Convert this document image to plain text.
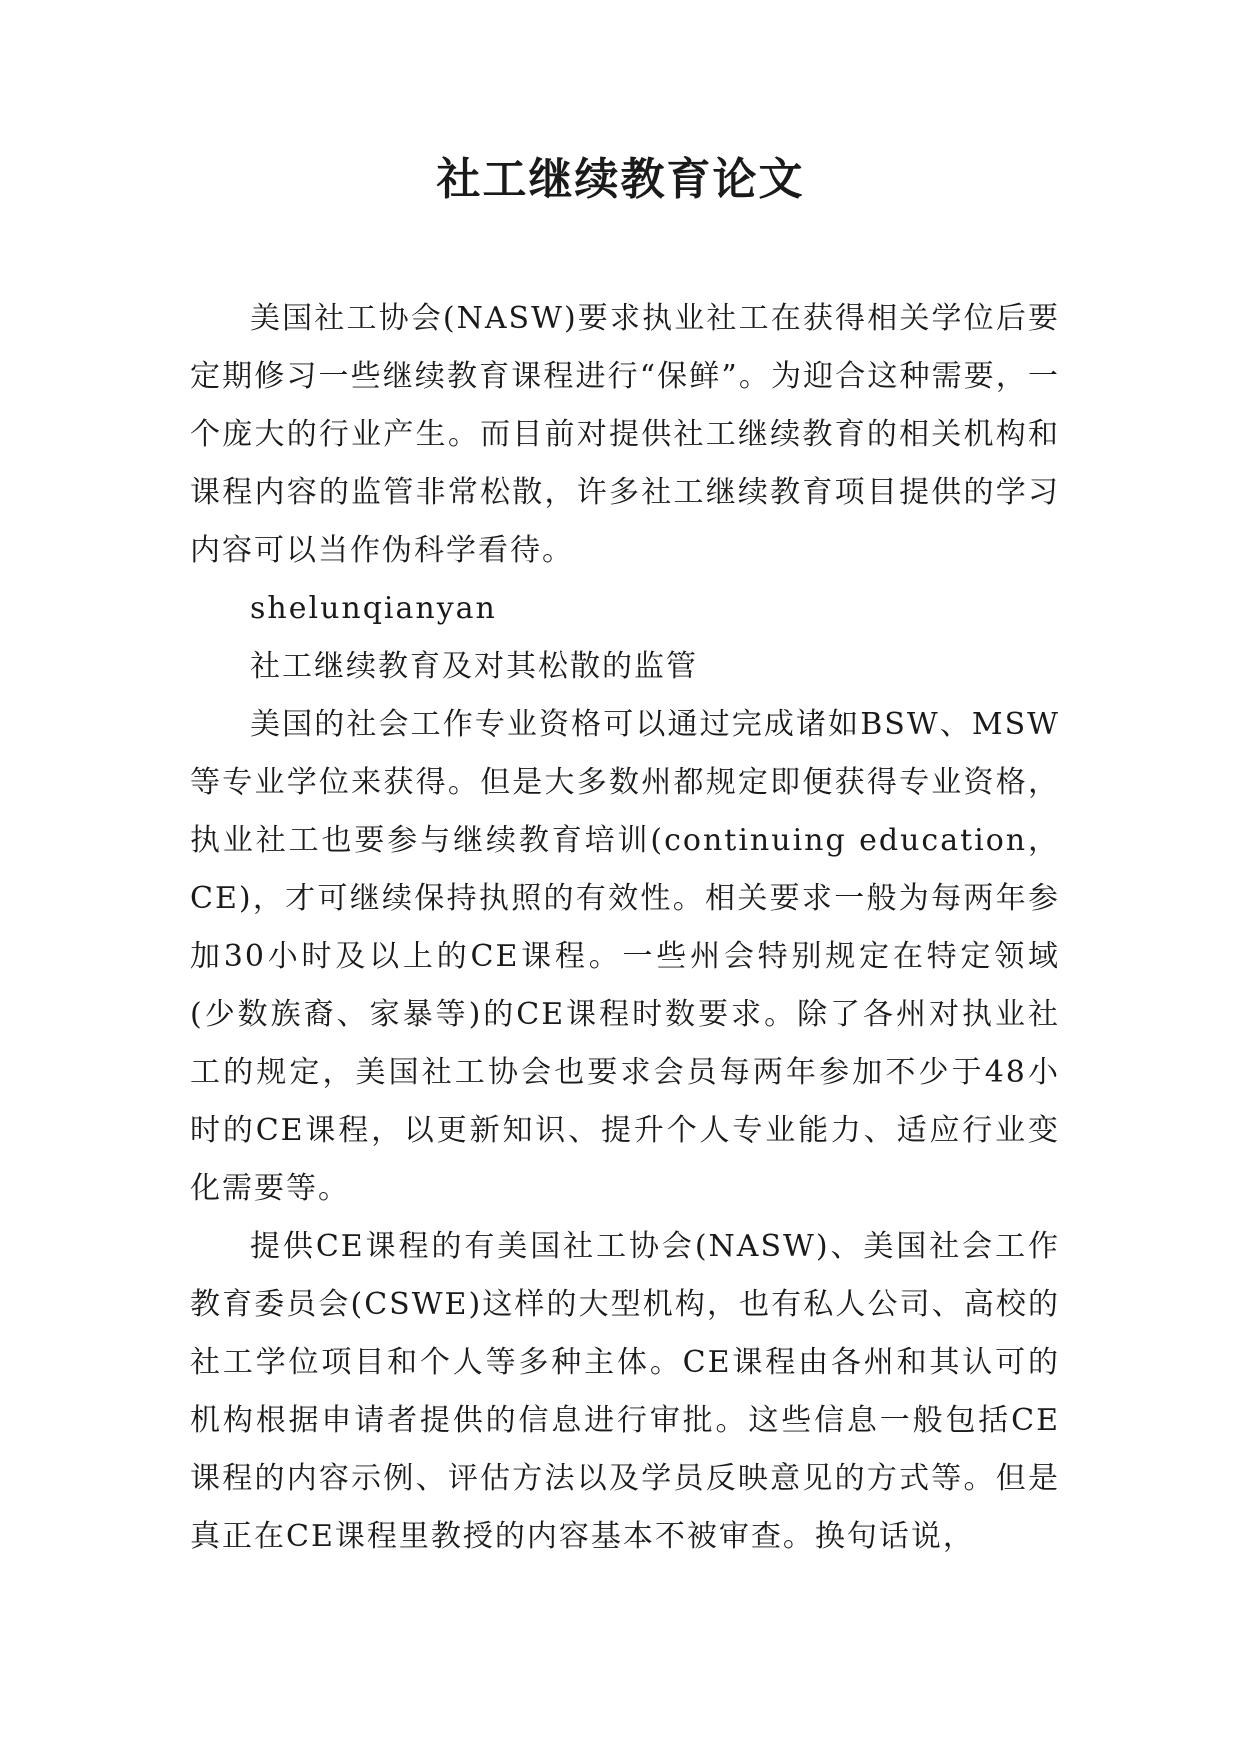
社工继续教育论文

美国社工协会(NASW)要求执业社工在获得相关学位后要定期修习一些继续教育课程进行“保鲜”。为迎合这种需要，一个庞大的行业产生。而目前对提供社工继续教育的相关机构和课程内容的监管非常松散，许多社工继续教育项目提供的学习内容可以当作伪科学看待。

shelunqianyan

社工继续教育及对其松散的监管

美国的社会工作专业资格可以通过完成诸如BSW、MSW等专业学位来获得。但是大多数州都规定即便获得专业资格，执业社工也要参与继续教育培训(continuing education，CE)，才可继续保持执照的有效性。相关要求一般为每两年参加30小时及以上的CE课程。一些州会特别规定在特定领域(少数族裔、家暴等)的CE课程时数要求。除了各州对执业社工的规定，美国社工协会也要求会员每两年参加不少于48小时的CE课程，以更新知识、提升个人专业能力、适应行业变化需要等。

提供CE课程的有美国社工协会(NASW)、美国社会工作教育委员会(CSWE)这样的大型机构，也有私人公司、高校的社工学位项目和个人等多种主体。CE课程由各州和其认可的机构根据申请者提供的信息进行审批。这些信息一般包括CE课程的内容示例、评估方法以及学员反映意见的方式等。但是真正在CE课程里教授的内容基本不被审查。换句话说，
